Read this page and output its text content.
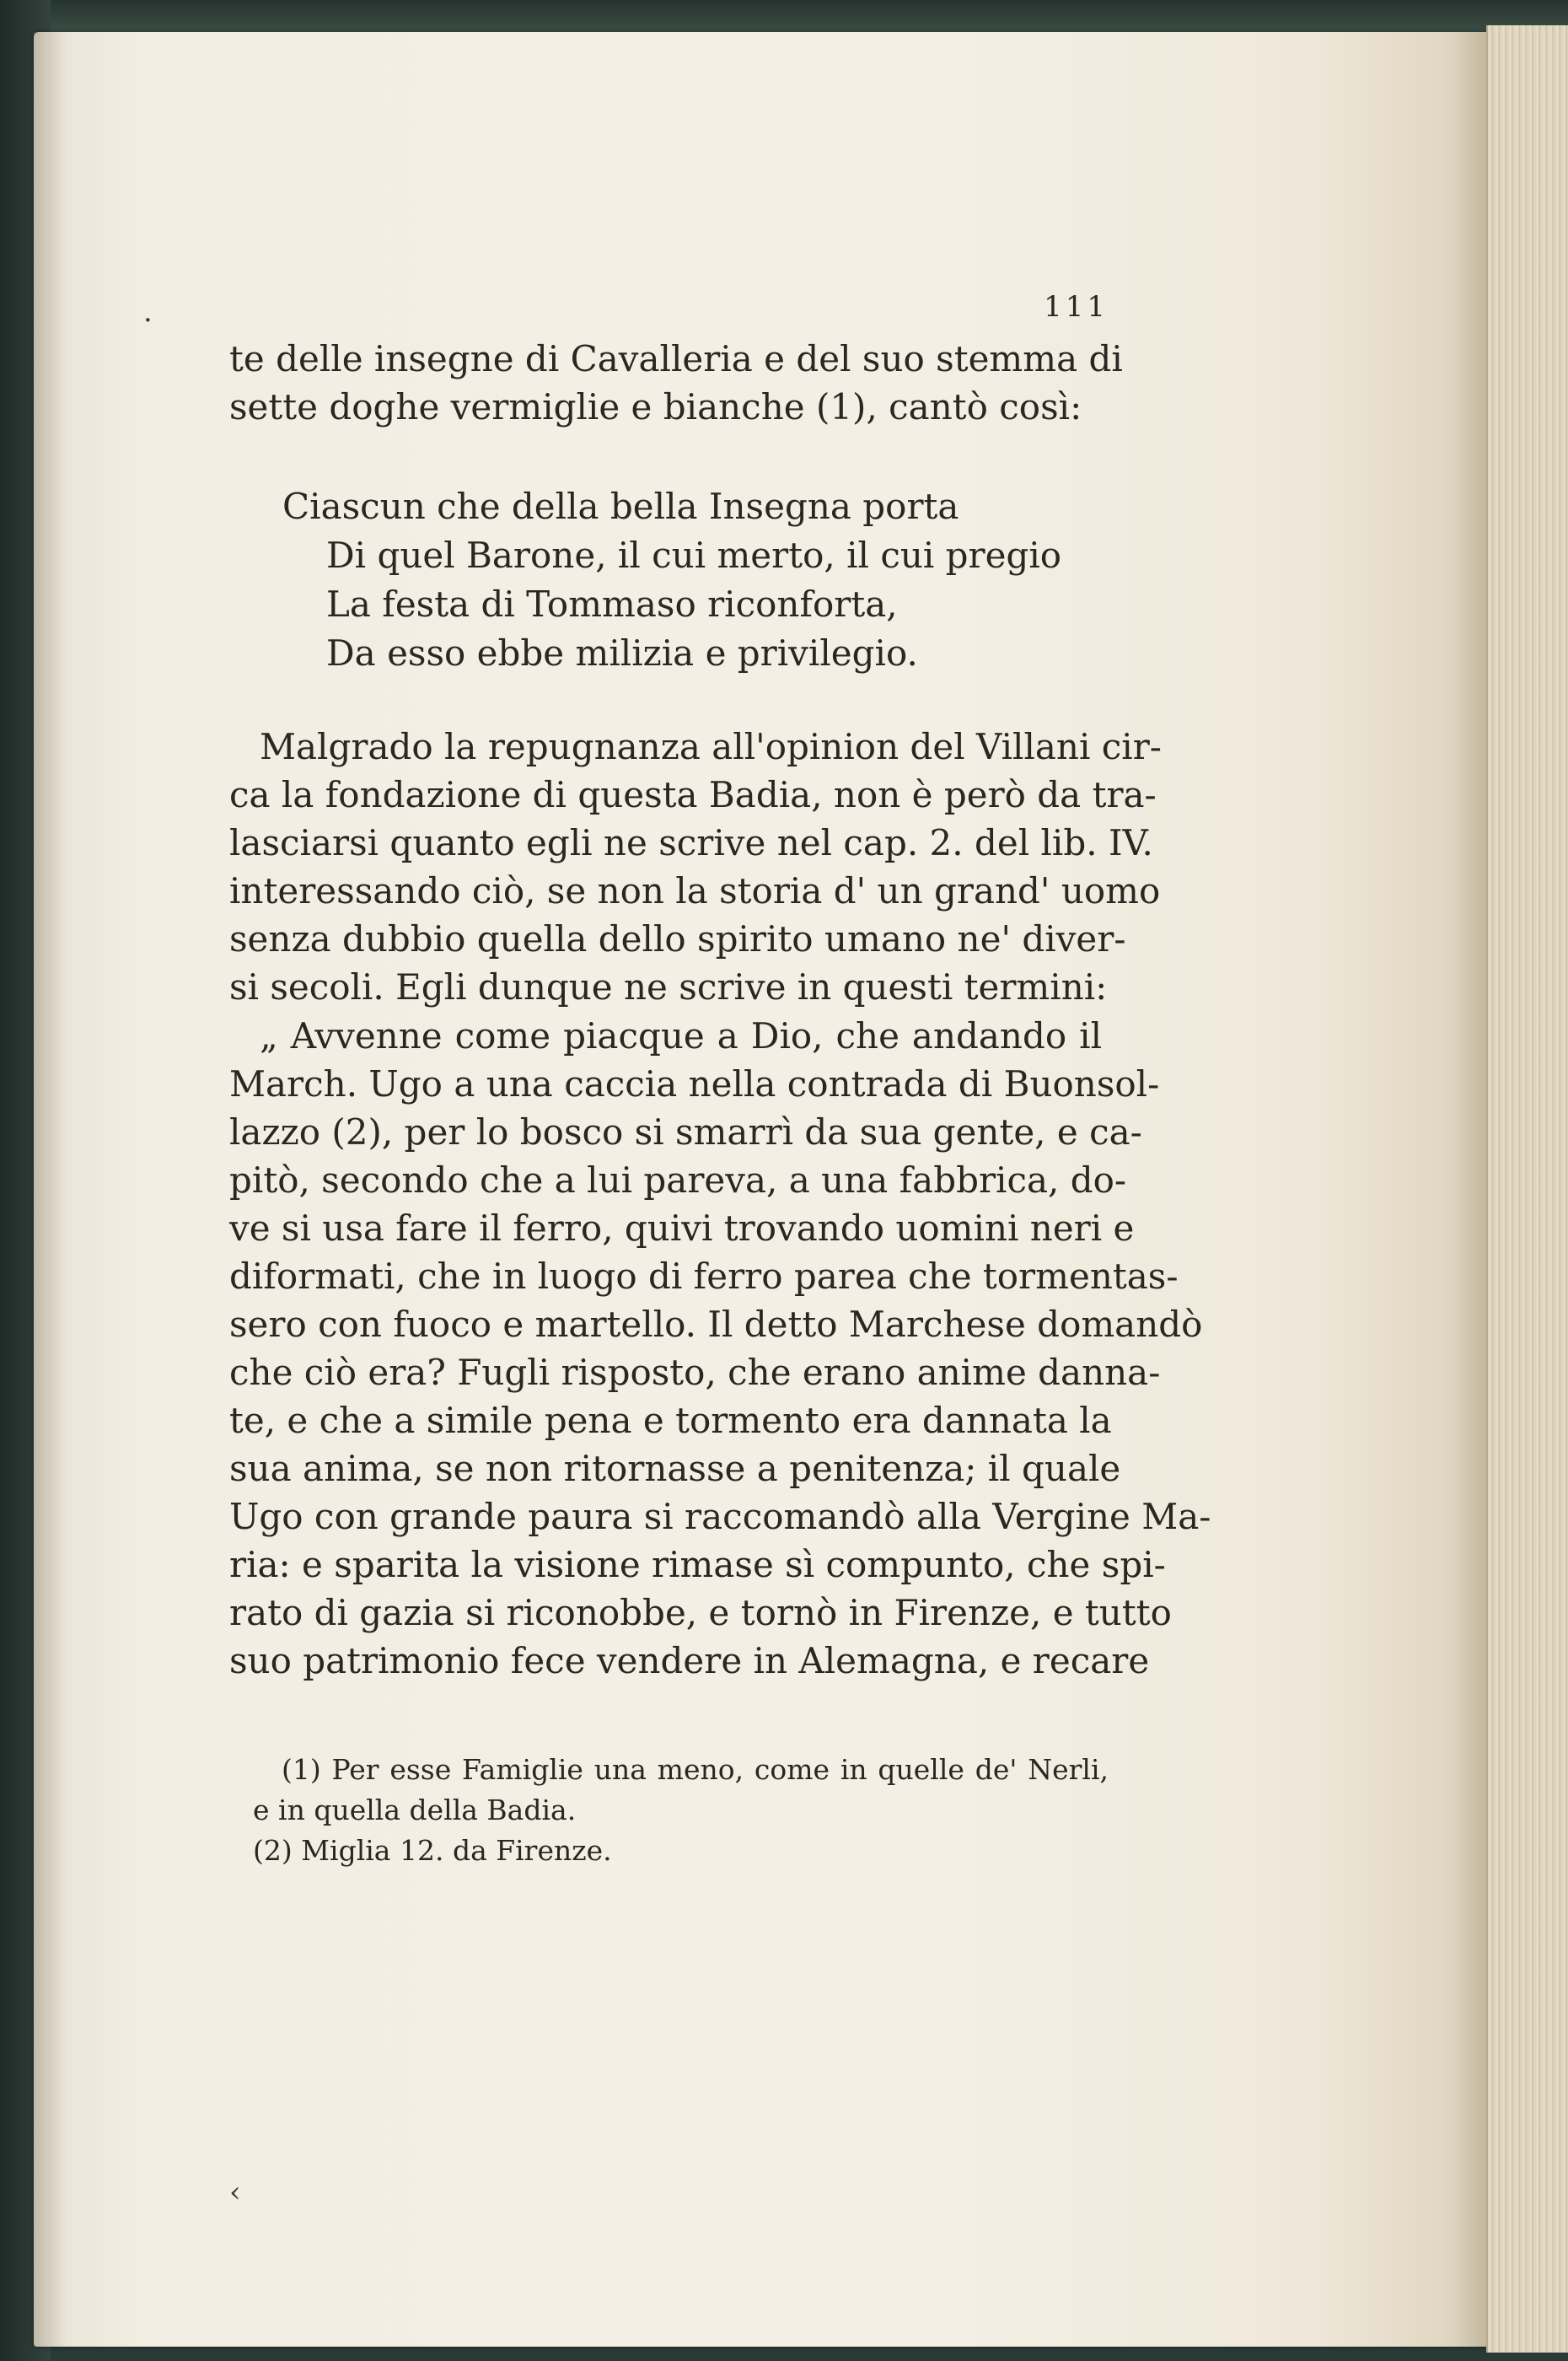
·
‹
111
te delle insegne di Cavalleria e del suo stemma di
sette doghe vermiglie e bianche (1), cantò così:
Ciascun che della bella Insegna porta
Di quel Barone, il cui merto, il cui pregio
La festa di Tommaso riconforta,
Da esso ebbe milizia e privilegio.
Malgrado la repugnanza all'opinion del Villani cir-
ca la fondazione di questa Badia, non è però da tra-
lasciarsi quanto egli ne scrive nel cap. 2. del lib. IV.
interessando ciò, se non la storia d' un grand' uomo
senza dubbio quella dello spirito umano ne' diver-
si secoli. Egli dunque ne scrive in questi termini:
„ Avvenne come piacque a Dio, che andando il
March. Ugo a una caccia nella contrada di Buonsol-
lazzo (2), per lo bosco si smarrì da sua gente, e ca-
pitò, secondo che a lui pareva, a una fabbrica, do-
ve si usa fare il ferro, quivi trovando uomini neri e
diformati, che in luogo di ferro parea che tormentas-
sero con fuoco e martello. Il detto Marchese domandò
che ciò era? Fugli risposto, che erano anime danna-
te, e che a simile pena e tormento era dannata la
sua anima, se non ritornasse a penitenza; il quale
Ugo con grande paura si raccomandò alla Vergine Ma-
ria: e sparita la visione rimase sì compunto, che spi-
rato di gazia si riconobbe, e tornò in Firenze, e tutto
suo patrimonio fece vendere in Alemagna, e recare
(1) Per esse Famiglie una meno, come in quelle de' Nerli,
e in quella della Badia.
(2) Miglia 12. da Firenze.
